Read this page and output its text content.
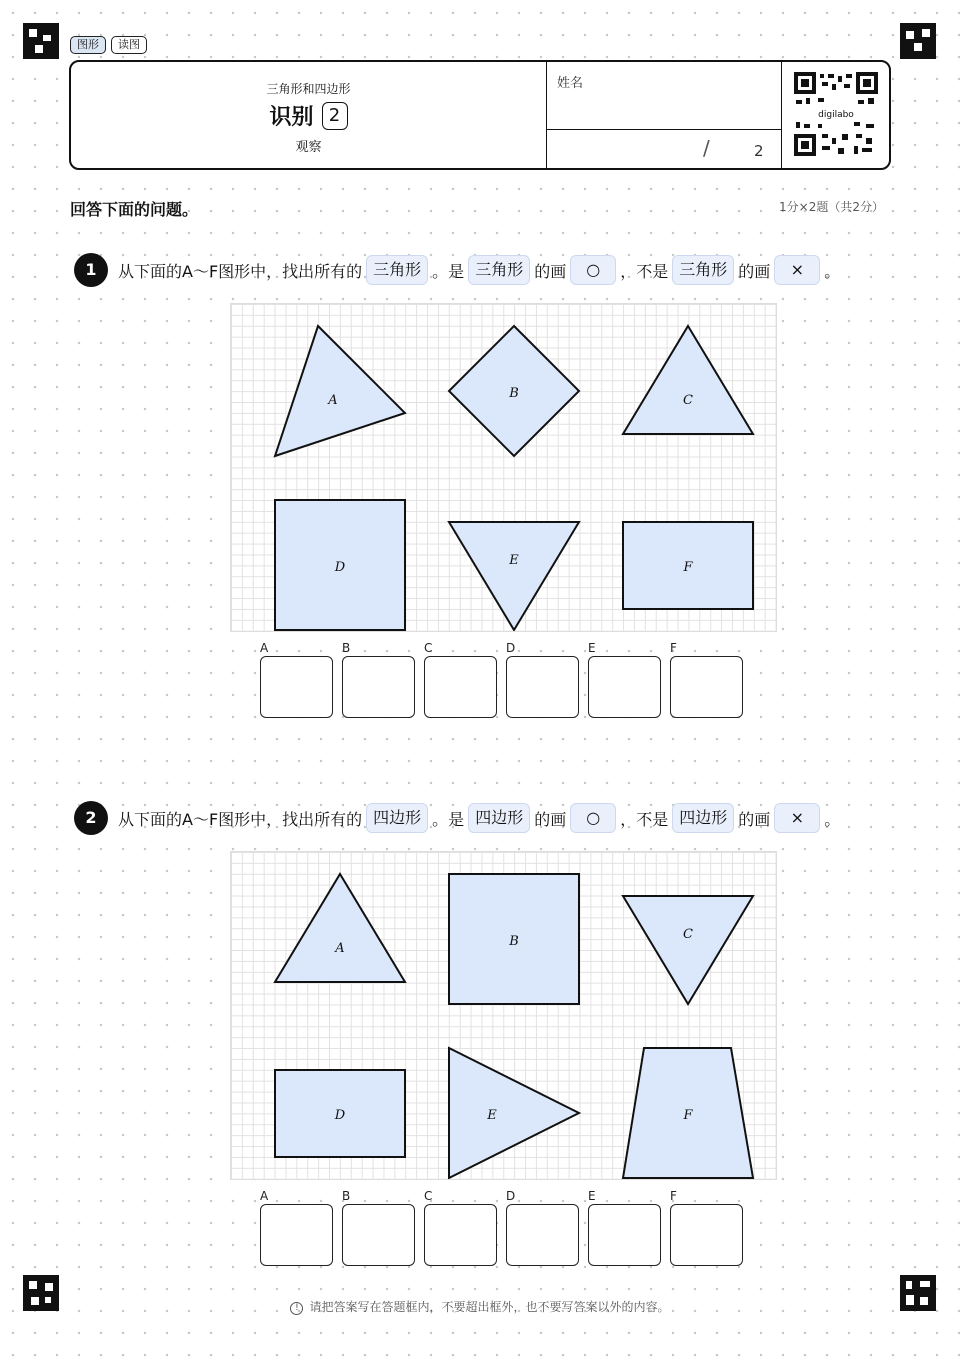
图形	读图
三角形和四边形
识别 2
观察
姓名
/	2
digilabo
回答下面的问题。	1分×2题（共2分）
1	从下面的A～F图形中，找出所有的 三角形 。是 三角形 的画	○	，不是 三角形 的画	×	。
A	B	C
D	E	F
A	B	C	D	E	F
2	从下面的A～F图形中，找出所有的 四边形 。是 四边形 的画	○	，不是 四边形 的画	×	。
A	B	C
D	E	F
A	B	C	D	E	F
! 请把答案写在答题框内，不要超出框外，也不要写答案以外的内容。
